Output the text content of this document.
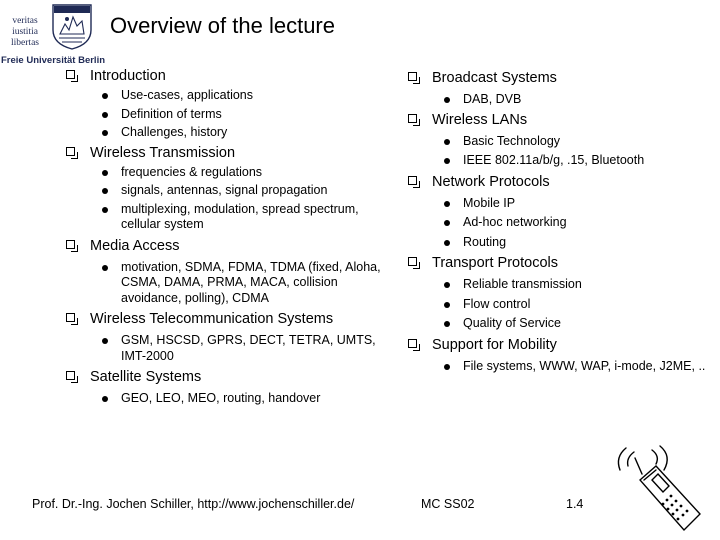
veritas
iustitia
libertas
Freie Universität Berlin
Overview of the lecture
Introduction
Use-cases, applications
Definition of terms
Challenges, history
Wireless Transmission
frequencies & regulations
signals, antennas, signal propagation
multiplexing, modulation, spread spectrum, cellular system
Media Access
motivation, SDMA, FDMA, TDMA (fixed, Aloha, CSMA, DAMA, PRMA, MACA, collision avoidance, polling), CDMA
Wireless Telecommunication Systems
GSM, HSCSD, GPRS, DECT, TETRA, UMTS, IMT-2000
Satellite Systems
GEO, LEO, MEO, routing, handover
Broadcast Systems
DAB, DVB
Wireless LANs
Basic Technology
IEEE 802.11a/b/g, .15, Bluetooth
Network Protocols
Mobile IP
Ad-hoc networking
Routing
Transport Protocols
Reliable transmission
Flow control
Quality of Service
Support for Mobility
File systems, WWW, WAP, i-mode, J2ME, ..
Prof. Dr.-Ing. Jochen Schiller, http://www.jochenschiller.de/	MC SS02	1.4
